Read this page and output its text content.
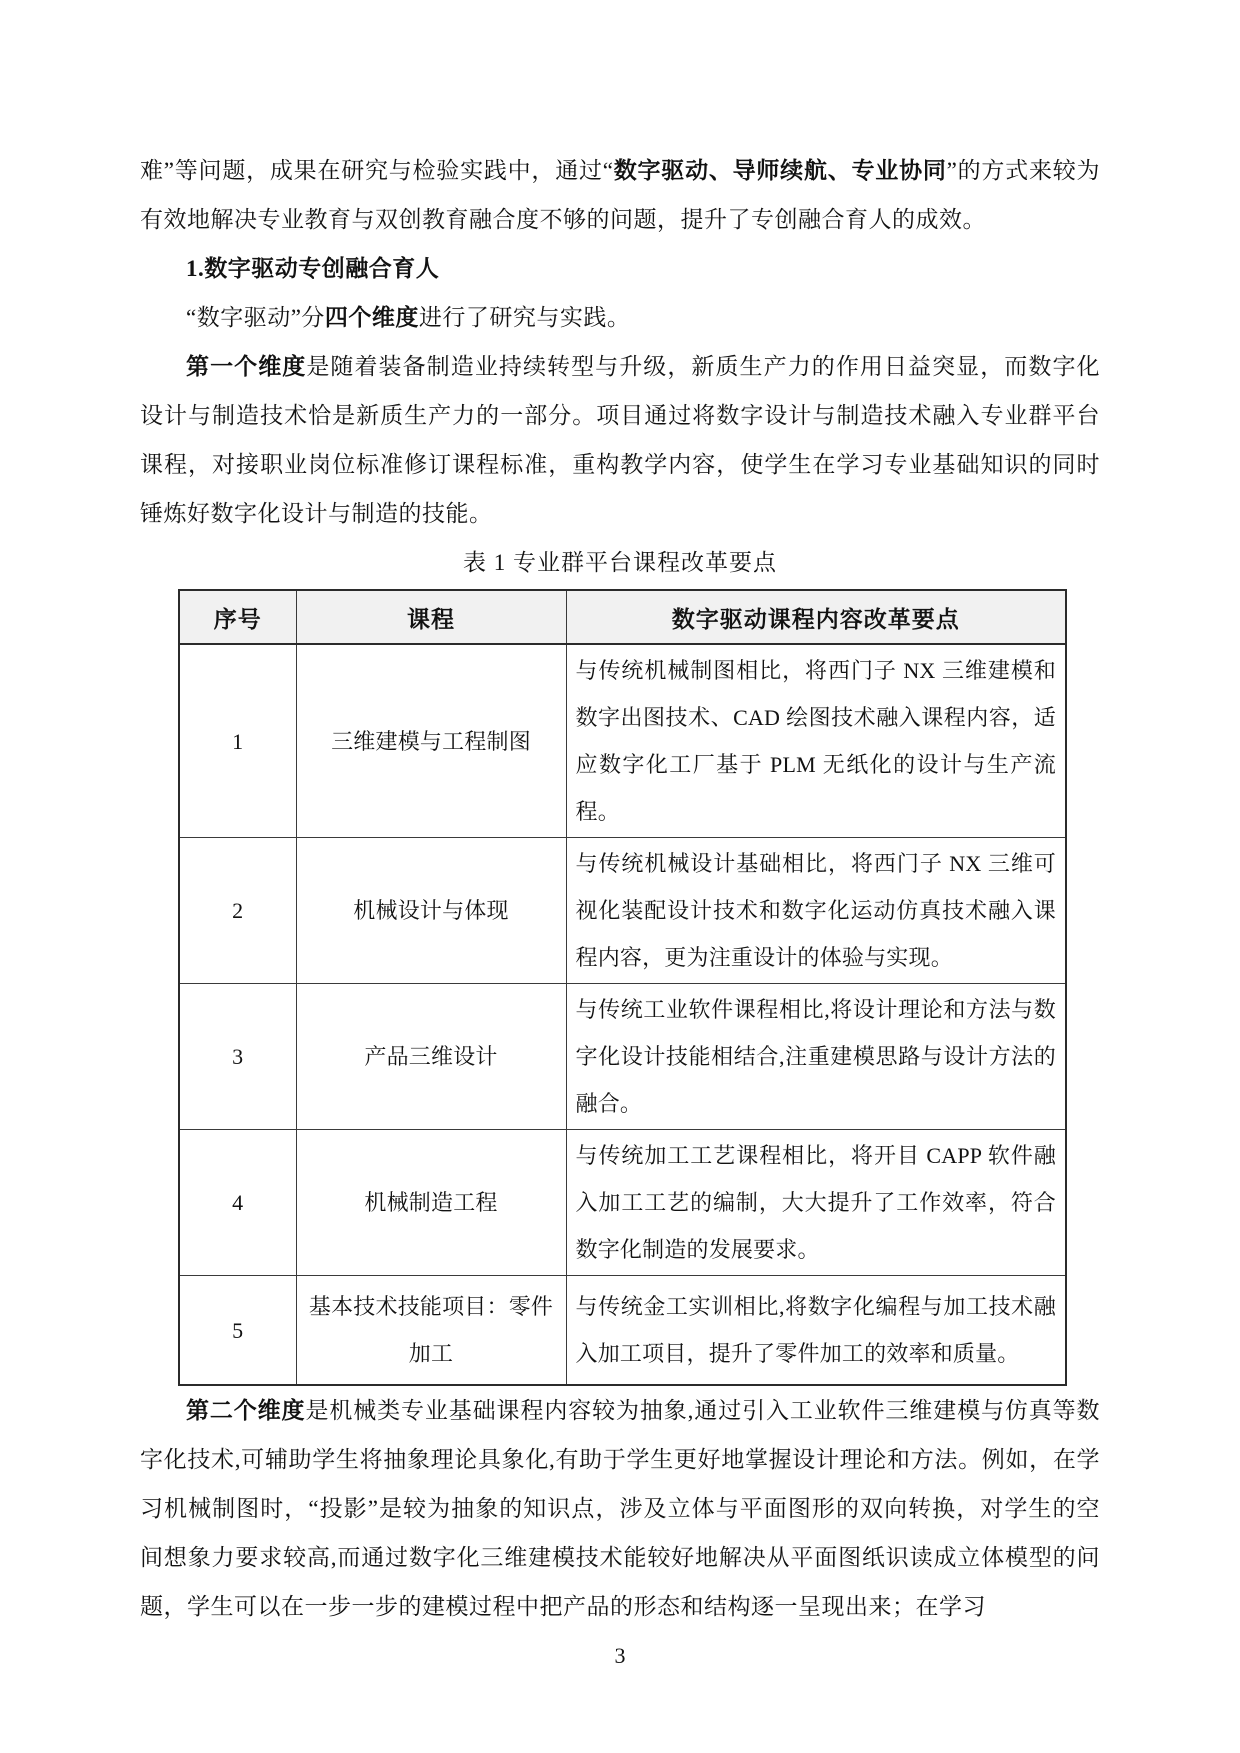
难”等问题，成果在研究与检验实践中，通过“数字驱动、导师续航、专业协同”的方式来较为有效地解决专业教育与双创教育融合度不够的问题，提升了专创融合育人的成效。

1.数字驱动专创融合育人

“数字驱动”分四个维度进行了研究与实践。

第一个维度是随着装备制造业持续转型与升级，新质生产力的作用日益突显，而数字化设计与制造技术恰是新质生产力的一部分。项目通过将数字设计与制造技术融入专业群平台课程，对接职业岗位标准修订课程标准，重构教学内容，使学生在学习专业基础知识的同时锤炼好数字化设计与制造的技能。

表 1 专业群平台课程改革要点

序号	课程	数字驱动课程内容改革要点
1	三维建模与工程制图	与传统机械制图相比，将西门子 NX 三维建模和数字出图技术、CAD 绘图技术融入课程内容，适应数字化工厂基于 PLM 无纸化的设计与生产流程。
2	机械设计与体现	与传统机械设计基础相比，将西门子 NX 三维可视化装配设计技术和数字化运动仿真技术融入课程内容，更为注重设计的体验与实现。
3	产品三维设计	与传统工业软件课程相比,将设计理论和方法与数字化设计技能相结合,注重建模思路与设计方法的融合。
4	机械制造工程	与传统加工工艺课程相比，将开目 CAPP 软件融入加工工艺的编制，大大提升了工作效率，符合数字化制造的发展要求。
5	基本技术技能项目：零件加工	与传统金工实训相比,将数字化编程与加工技术融入加工项目，提升了零件加工的效率和质量。

第二个维度是机械类专业基础课程内容较为抽象,通过引入工业软件三维建模与仿真等数字化技术,可辅助学生将抽象理论具象化,有助于学生更好地掌握设计理论和方法。例如，在学习机械制图时，“投影”是较为抽象的知识点，涉及立体与平面图形的双向转换，对学生的空间想象力要求较高,而通过数字化三维建模技术能较好地解决从平面图纸识读成立体模型的问题，学生可以在一步一步的建模过程中把产品的形态和结构逐一呈现出来；在学习

3
